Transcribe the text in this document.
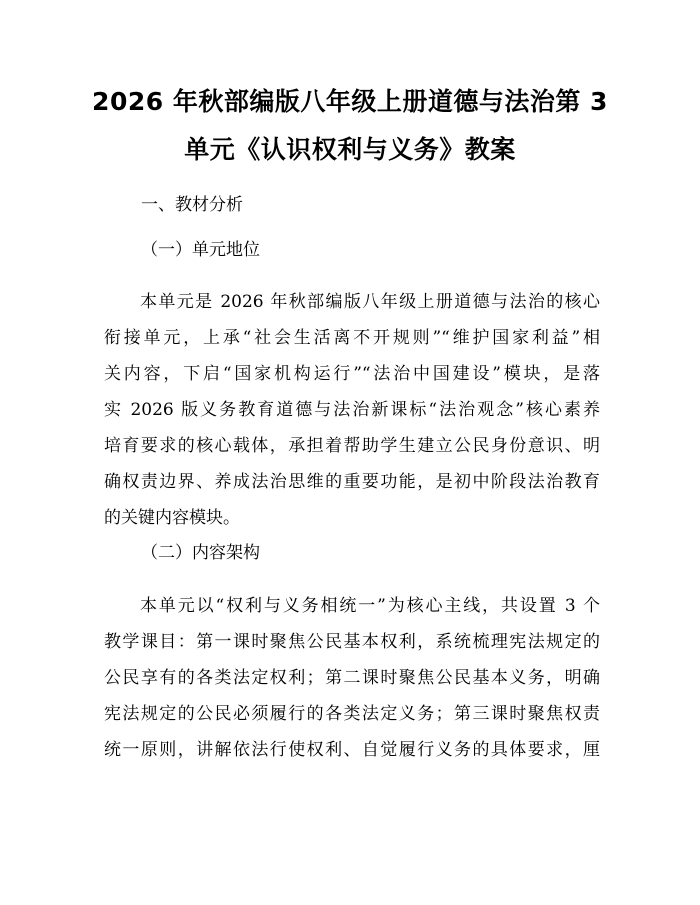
2026 年秋部编版八年级上册道德与法治第 3
单元《认识权利与义务》教案
一、教材分析
（一）单元地位
本单元是 2026 年秋部编版八年级上册道德与法治的核心
衔接单元，上承“社会生活离不开规则”“维护国家利益”相
关内容，下启“国家机构运行”“法治中国建设”模块，是落
实 2026 版义务教育道德与法治新课标“法治观念”核心素养
培育要求的核心载体，承担着帮助学生建立公民身份意识、明
确权责边界、养成法治思维的重要功能，是初中阶段法治教育
的关键内容模块。
（二）内容架构
本单元以“权利与义务相统一”为核心主线，共设置 3 个
教学课目：第一课时聚焦公民基本权利，系统梳理宪法规定的
公民享有的各类法定权利；第二课时聚焦公民基本义务，明确
宪法规定的公民必须履行的各类法定义务；第三课时聚焦权责
统一原则，讲解依法行使权利、自觉履行义务的具体要求，厘
